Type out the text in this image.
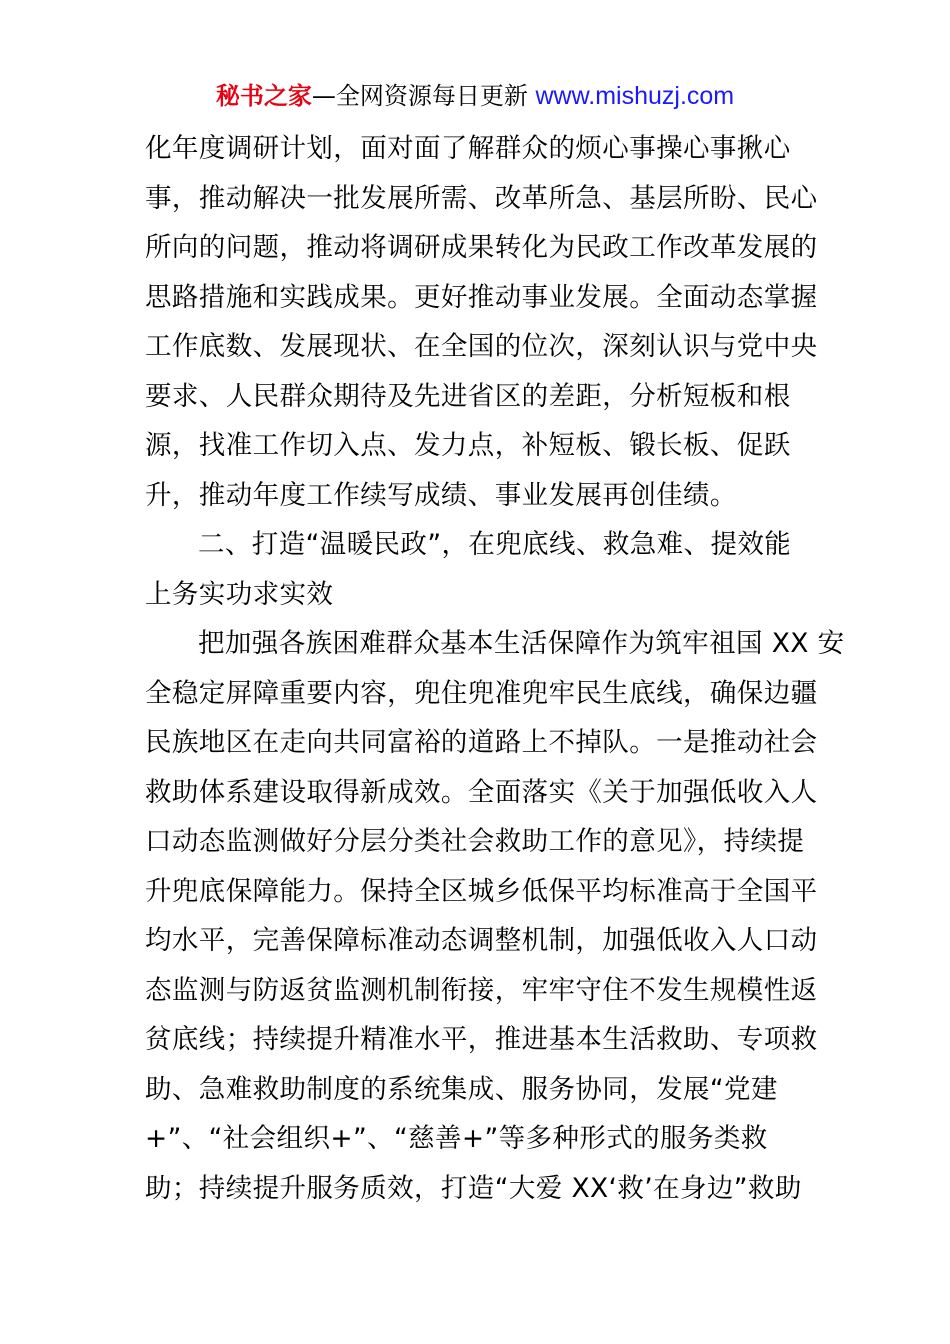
秘书之家—全网资源每日更新 www.mishuzj.com
化年度调研计划，面对面了解群众的烦心事操心事揪心
事，推动解决一批发展所需、改革所急、基层所盼、民心
所向的问题，推动将调研成果转化为民政工作改革发展的
思路措施和实践成果。更好推动事业发展。全面动态掌握
工作底数、发展现状、在全国的位次，深刻认识与党中央
要求、人民群众期待及先进省区的差距，分析短板和根
源，找准工作切入点、发力点，补短板、锻长板、促跃
升，推动年度工作续写成绩、事业发展再创佳绩。
二、打造“温暖民政”，在兜底线、救急难、提效能
上务实功求实效
把加强各族困难群众基本生活保障作为筑牢祖国 XX 安
全稳定屏障重要内容，兜住兜准兜牢民生底线，确保边疆
民族地区在走向共同富裕的道路上不掉队。一是推动社会
救助体系建设取得新成效。全面落实《关于加强低收入人
口动态监测做好分层分类社会救助工作的意见》，持续提
升兜底保障能力。保持全区城乡低保平均标准高于全国平
均水平，完善保障标准动态调整机制，加强低收入人口动
态监测与防返贫监测机制衔接，牢牢守住不发生规模性返
贫底线；持续提升精准水平，推进基本生活救助、专项救
助、急难救助制度的系统集成、服务协同，发展“党建
+”、“社会组织+”、“慈善+”等多种形式的服务类救
助；持续提升服务质效，打造“大爱 XX‘救’在身边”救助
